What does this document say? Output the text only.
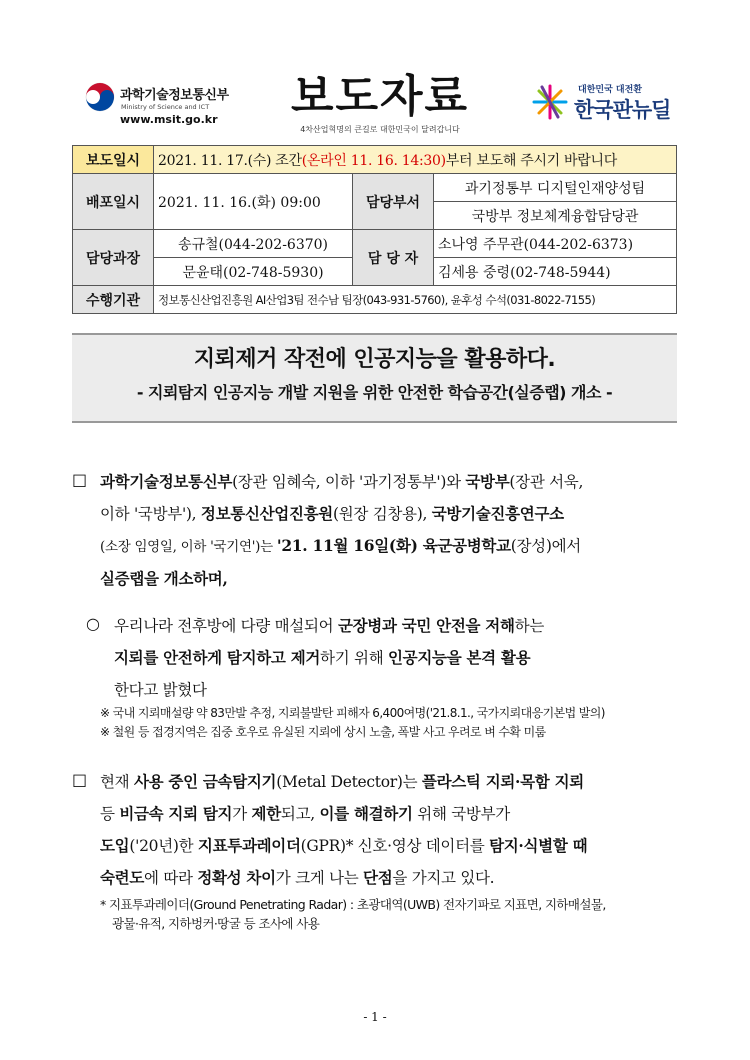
과학기술정보통신부
Ministry of Science and ICT
www.msit.go.kr	보도자료
4차산업혁명의 큰길로 대한민국이 달려갑니다
대한민국 대전환
한국판뉴딜
보도일시	2021. 11. 17.(수) 조간(온라인 11. 16. 14:30)부터 보도해 주시기 바랍니다		
배포일시	2021. 11. 16.(화) 09:00	담당부서	과기정통부 디지털인재양성팀
			국방부 정보체계융합담당관
담당과장	송규철(044-202-6370)	담 당 자	소나영 주무관(044-202-6373)
	문윤태(02-748-5930)		김세용 중령(02-748-5944)
수행기관	정보통신산업진흥원 AI산업3팀 전수남 팀장(043-931-5760), 윤후성 수석(031-8022-7155)		
지뢰제거 작전에 인공지능을 활용하다.
- 지뢰탐지 인공지능 개발 지원을 위한 안전한 학습공간(실증랩) 개소 -
□ 과학기술정보통신부(장관 임혜숙, 이하 '과기정통부')와 국방부(장관 서욱,
이하 '국방부'), 정보통신산업진흥원(원장 김창용), 국방기술진흥연구소
(소장 임영일, 이하 '국기연')는 '21. 11월 16일(화) 육군공병학교(장성)에서
실증랩을 개소하며,
○ 우리나라 전후방에 다량 매설되어 군장병과 국민 안전을 저해하는
지뢰를 안전하게 탐지하고 제거하기 위해 인공지능을 본격 활용
한다고 밝혔다
※ 국내 지뢰매설량 약 83만발 추정, 지뢰불발탄 피해자 6,400여명('21.8.1., 국가지뢰대응기본법 발의)
※ 철원 등 접경지역은 집중 호우로 유실된 지뢰에 상시 노출, 폭발 사고 우려로 벼 수확 미룸
□ 현재 사용 중인 금속탐지기(Metal Detector)는 플라스틱 지뢰·목함 지뢰
등 비금속 지뢰 탐지가 제한되고, 이를 해결하기 위해 국방부가
도입('20년)한 지표투과레이더(GPR)* 신호·영상 데이터를 탐지·식별할 때
숙련도에 따라 정확성 차이가 크게 나는 단점을 가지고 있다.
* 지표투과레이더(Ground Penetrating Radar) : 초광대역(UWB) 전자기파로 지표면, 지하매설물,
광물·유적, 지하벙커·땅굴 등 조사에 사용
- 1 -
